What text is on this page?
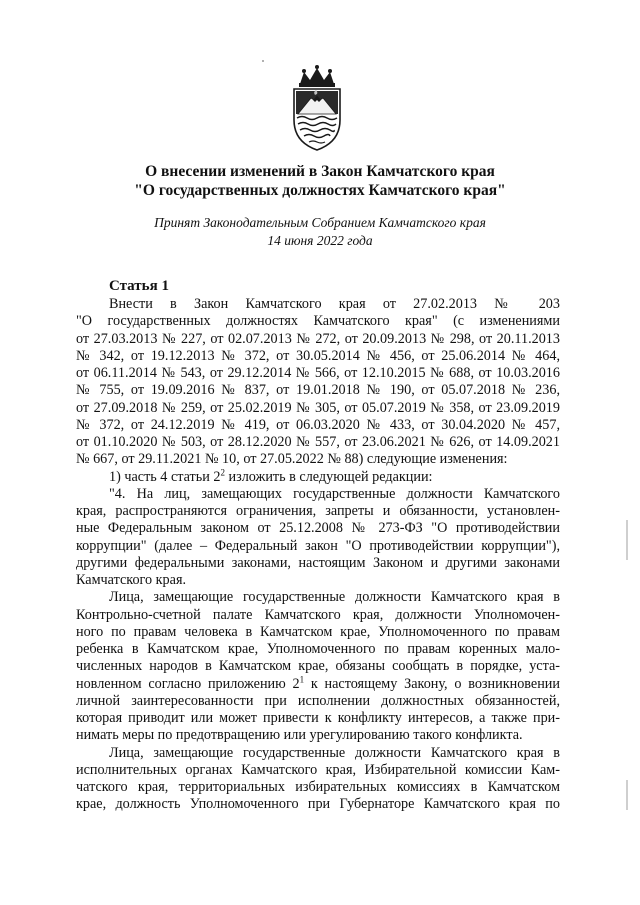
О внесении изменений в Закон Камчатского края
"О государственных должностях Камчатского края"
Принят Законодательным Собранием Камчатского края
14 июня 2022 года
Статья 1
Внести в Закон Камчатского края от 27.02.2013 № 203
"О государственных должностях Камчатского края" (с изменениями
от 27.03.2013 № 227, от 02.07.2013 № 272, от 20.09.2013 № 298, от 20.11.2013
№ 342, от 19.12.2013 № 372, от 30.05.2014 № 456, от 25.06.2014 № 464,
от 06.11.2014 № 543, от 29.12.2014 № 566, от 12.10.2015 № 688, от 10.03.2016
№ 755, от 19.09.2016 № 837, от 19.01.2018 № 190, от 05.07.2018 № 236,
от 27.09.2018 № 259, от 25.02.2019 № 305, от 05.07.2019 № 358, от 23.09.2019
№ 372, от 24.12.2019 № 419, от 06.03.2020 № 433, от 30.04.2020 № 457,
от 01.10.2020 № 503, от 28.12.2020 № 557, от 23.06.2021 № 626, от 14.09.2021
№ 667, от 29.11.2021 № 10, от 27.05.2022 № 88) следующие изменения:
1) часть 4 статьи $2^2$ изложить в следующей редакции:
"4. На лиц, замещающих государственные должности Камчатского
края, распространяются ограничения, запреты и обязанности, установлен-
ные Федеральным законом от 25.12.2008 № 273-ФЗ "О противодействии
коррупции" (далее – Федеральный закон "О противодействии коррупции"),
другими федеральными законами, настоящим Законом и другими законами
Камчатского края.
Лица, замещающие государственные должности Камчатского края в
Контрольно-счетной палате Камчатского края, должности Уполномочен-
ного по правам человека в Камчатском крае, Уполномоченного по правам
ребенка в Камчатском крае, Уполномоченного по правам коренных мало-
численных народов в Камчатском крае, обязаны сообщать в порядке, уста-
новленном согласно приложению $2^1$ к настоящему Закону, о возникновении
личной заинтересованности при исполнении должностных обязанностей,
которая приводит или может привести к конфликту интересов, а также при-
нимать меры по предотвращению или урегулированию такого конфликта.
Лица, замещающие государственные должности Камчатского края в
исполнительных органах Камчатского края, Избирательной комиссии Кам-
чатского края, территориальных избирательных комиссиях в Камчатском
крае, должность Уполномоченного при Губернаторе Камчатского края по
